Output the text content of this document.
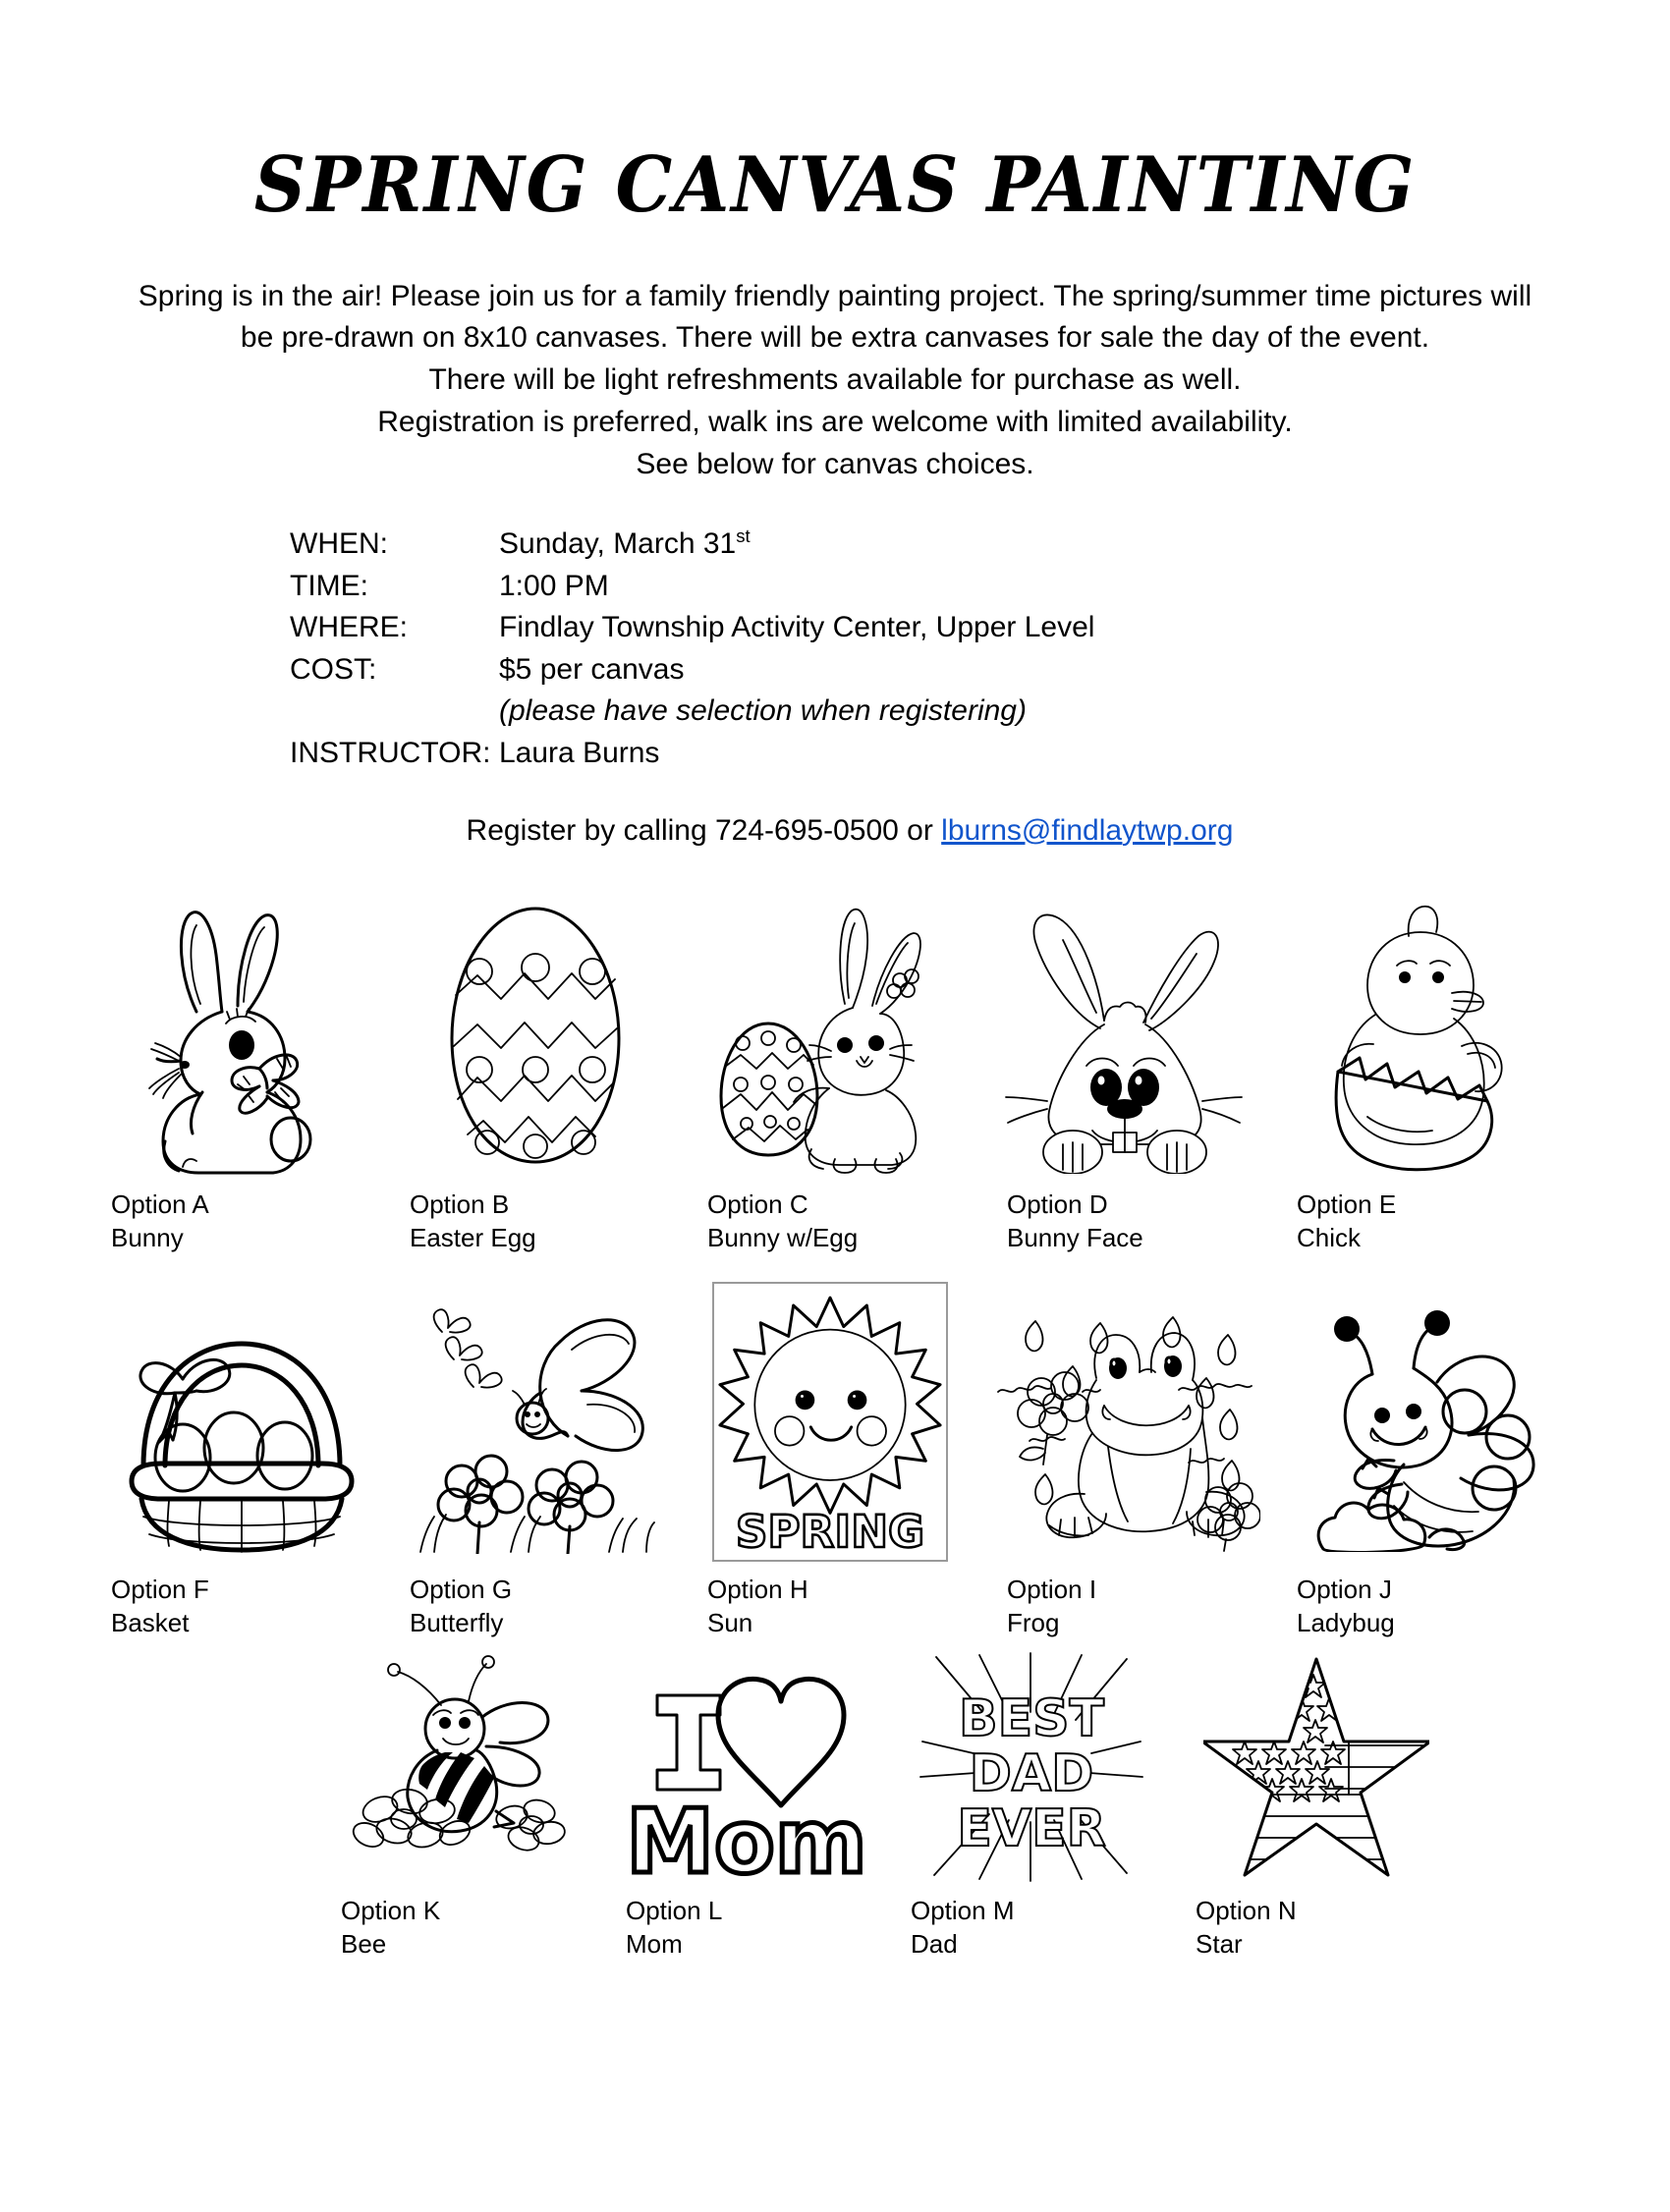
SPRING CANVAS PAINTING

Spring is in the air! Please join us for a family friendly painting project. The spring/summer time pictures will

be pre-drawn on 8x10 canvases. There will be extra canvases for sale the day of the event.

There will be light refreshments available for purchase as well.

Registration is preferred, walk ins are welcome with limited availability.

See below for canvas choices.

WHEN:	Sunday, March 31st
TIME:	1:00 PM
WHERE:	Findlay Township Activity Center, Upper Level
COST:	$5 per canvas
(please have selection when registering)
INSTRUCTOR: Laura Burns
Register by calling 724-695-0500 or lburns@findlaytwp.org
Option A
Bunny
Option B
Easter Egg
Option C
Bunny w/Egg
Option D
Bunny Face
Option E
Chick
Option F
Basket
Option G
Butterfly
SPRING
Option H
Sun
Option I
Frog
Option J
Ladybug
Option K
Bee
Mom
Option L
Mom
BEST
DAD
EVER
Option M
Dad
Option N
Star
